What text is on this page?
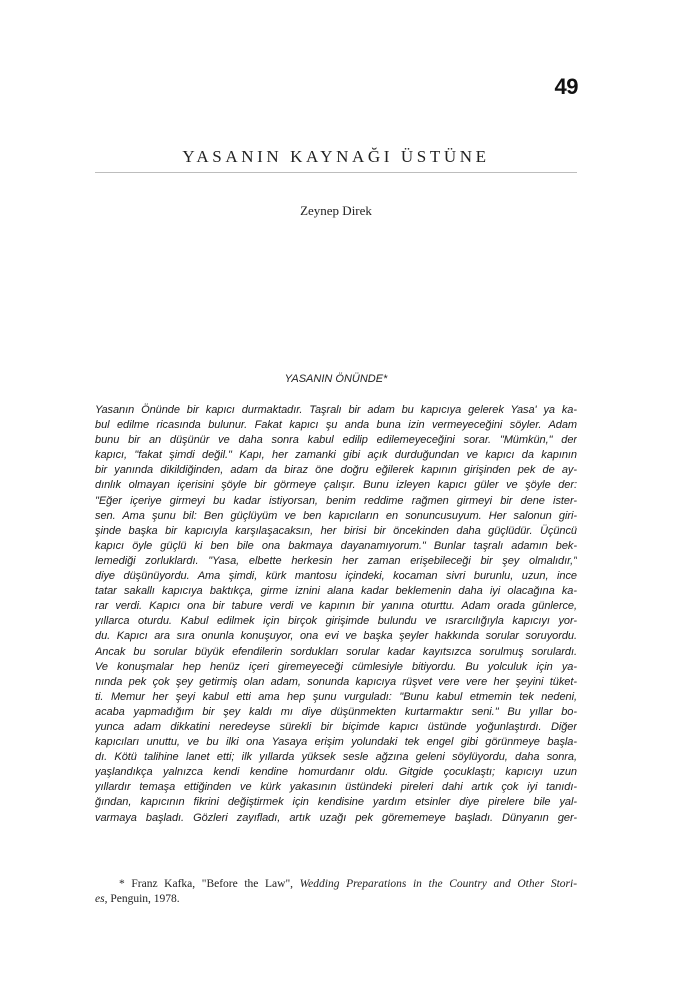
49
YASANIN KAYNAĞI ÜSTÜNE
Zeynep Direk
YASANIN ÖNÜNDE*
Yasanın Önünde bir kapıcı durmaktadır. Taşralı bir adam bu kapıcıya gelerek Yasa' ya ka-
bul edilme ricasında bulunur. Fakat kapıcı şu anda buna izin vermeyeceğini söyler. Adam
bunu bir an düşünür ve daha sonra kabul edilip edilemeyeceğini sorar. "Mümkün," der
kapıcı, "fakat şimdi değil." Kapı, her zamanki gibi açık durduğundan ve kapıcı da kapının
bir yanında dikildiğinden, adam da biraz öne doğru eğilerek kapının girişinden pek de ay-
dınlık olmayan içerisini şöyle bir görmeye çalışır. Bunu izleyen kapıcı güler ve şöyle der:
"Eğer içeriye girmeyi bu kadar istiyorsan, benim reddime rağmen girmeyi bir dene ister-
sen. Ama şunu bil: Ben güçlüyüm ve ben kapıcıların en sonuncusuyum. Her salonun giri-
şinde başka bir kapıcıyla karşılaşacaksın, her birisi bir öncekinden daha güçlüdür. Üçüncü
kapıcı öyle güçlü ki ben bile ona bakmaya dayanamıyorum." Bunlar taşralı adamın bek-
lemediği zorluklardı. "Yasa, elbette herkesin her zaman erişebileceği bir şey olmalıdır,"
diye düşünüyordu. Ama şimdi, kürk mantosu içindeki, kocaman sivri burunlu, uzun, ince
tatar sakallı kapıcıya baktıkça, girme iznini alana kadar beklemenin daha iyi olacağına ka-
rar verdi. Kapıcı ona bir tabure verdi ve kapının bir yanına oturttu. Adam orada günlerce,
yıllarca oturdu. Kabul edilmek için birçok girişimde bulundu ve ısrarcılığıyla kapıcıyı yor-
du. Kapıcı ara sıra onunla konuşuyor, ona evi ve başka şeyler hakkında sorular soruyordu.
Ancak bu sorular büyük efendilerin sordukları sorular kadar kayıtsızca sorulmuş sorulardı.
Ve konuşmalar hep henüz içeri giremeyeceği cümlesiyle bitiyordu. Bu yolculuk için ya-
nında pek çok şey getirmiş olan adam, sonunda kapıcıya rüşvet vere vere her şeyini tüket-
ti. Memur her şeyi kabul etti ama hep şunu vurguladı: "Bunu kabul etmemin tek nedeni,
acaba yapmadığım bir şey kaldı mı diye düşünmekten kurtarmaktır seni." Bu yıllar bo-
yunca adam dikkatini neredeyse sürekli bir biçimde kapıcı üstünde yoğunlaştırdı. Diğer
kapıcıları unuttu, ve bu ilki ona Yasaya erişim yolundaki tek engel gibi görünmeye başla-
dı. Kötü talihine lanet etti; ilk yıllarda yüksek sesle ağzına geleni söylüyordu, daha sonra,
yaşlandıkça yalnızca kendi kendine homurdanır oldu. Gitgide çocuklaştı; kapıcıyı uzun
yıllardır temaşa ettiğinden ve kürk yakasının üstündeki pireleri dahi artık çok iyi tanıdı-
ğından, kapıcının fikrini değiştirmek için kendisine yardım etsinler diye pirelere bile yal-
varmaya başladı. Gözleri zayıfladı, artık uzağı pek görememeye başladı. Dünyanın ger-
* Franz Kafka, "Before the Law", Wedding Preparations in the Country and Other Stori-
es, Penguin, 1978.
